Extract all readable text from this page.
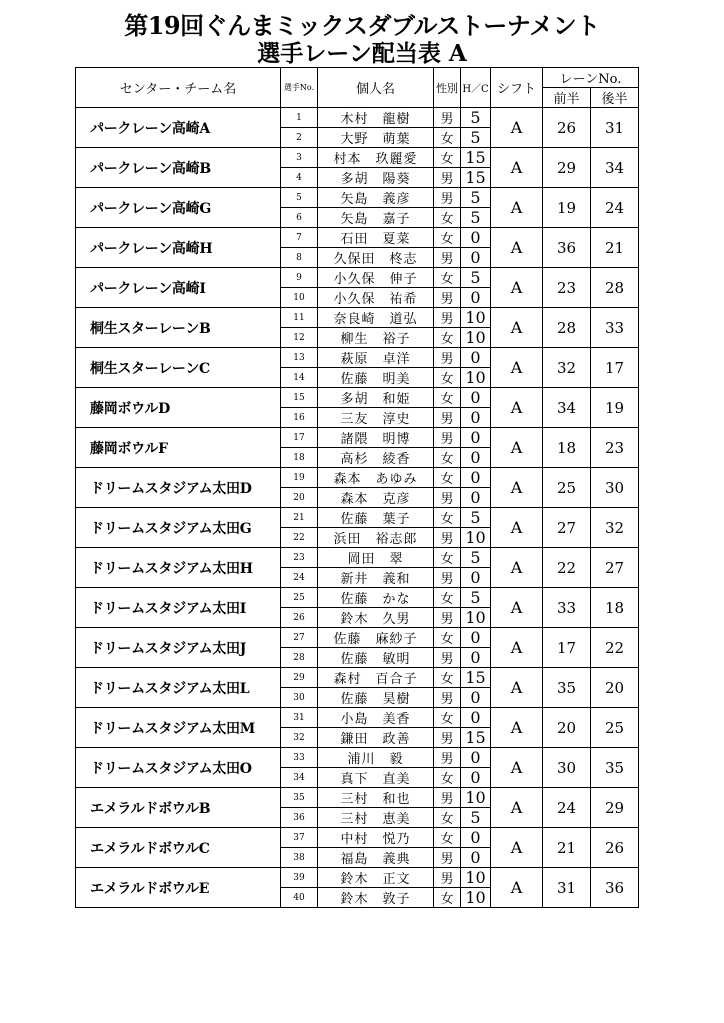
第19回ぐんまミックスダブルストーナメント
選手レーン配当表 A
センター・チーム名	選手No.	個人名	性別	H／C	シフト	レーンNo.	
						前半	後半
パークレーン高崎A	1	木村　龍樹	男	5	A	26	31
	2	大野　萌葉	女	5			
パークレーン高崎B	3	村本　玖麗愛	女	15	A	29	34
	4	多胡　陽葵	男	15			
パークレーン高崎G	5	矢島　義彦	男	5	A	19	24
	6	矢島　嘉子	女	5			
パークレーン高崎H	7	石田　夏菜	女	0	A	36	21
	8	久保田　柊志	男	0			
パークレーン高崎I	9	小久保　伸子	女	5	A	23	28
	10	小久保　祐希	男	0			
桐生スターレーンB	11	奈良崎　道弘	男	10	A	28	33
	12	柳生　裕子	女	10			
桐生スターレーンC	13	萩原　卓洋	男	0	A	32	17
	14	佐藤　明美	女	10			
藤岡ボウルD	15	多胡　和姫	女	0	A	34	19
	16	三友　淳史	男	0			
藤岡ボウルF	17	諸隈　明博	男	0	A	18	23
	18	高杉　綾香	女	0			
ドリームスタジアム太田D	19	森本　あゆみ	女	0	A	25	30
	20	森本　克彦	男	0			
ドリームスタジアム太田G	21	佐藤　葉子	女	5	A	27	32
	22	浜田　裕志郎	男	10			
ドリームスタジアム太田H	23	岡田　翠	女	5	A	22	27
	24	新井　義和	男	0			
ドリームスタジアム太田I	25	佐藤　かな	女	5	A	33	18
	26	鈴木　久男	男	10			
ドリームスタジアム太田J	27	佐藤　麻紗子	女	0	A	17	22
	28	佐藤　敏明	男	0			
ドリームスタジアム太田L	29	森村　百合子	女	15	A	35	20
	30	佐藤　昊樹	男	0			
ドリームスタジアム太田M	31	小島　美香	女	0	A	20	25
	32	鎌田　政善	男	15			
ドリームスタジアム太田O	33	浦川　毅	男	0	A	30	35
	34	真下　直美	女	0			
エメラルドボウルB	35	三村　和也	男	10	A	24	29
	36	三村　恵美	女	5			
エメラルドボウルC	37	中村　悦乃	女	0	A	21	26
	38	福島　義典	男	0			
エメラルドボウルE	39	鈴木　正文	男	10	A	31	36
	40	鈴木　敦子	女	10			
